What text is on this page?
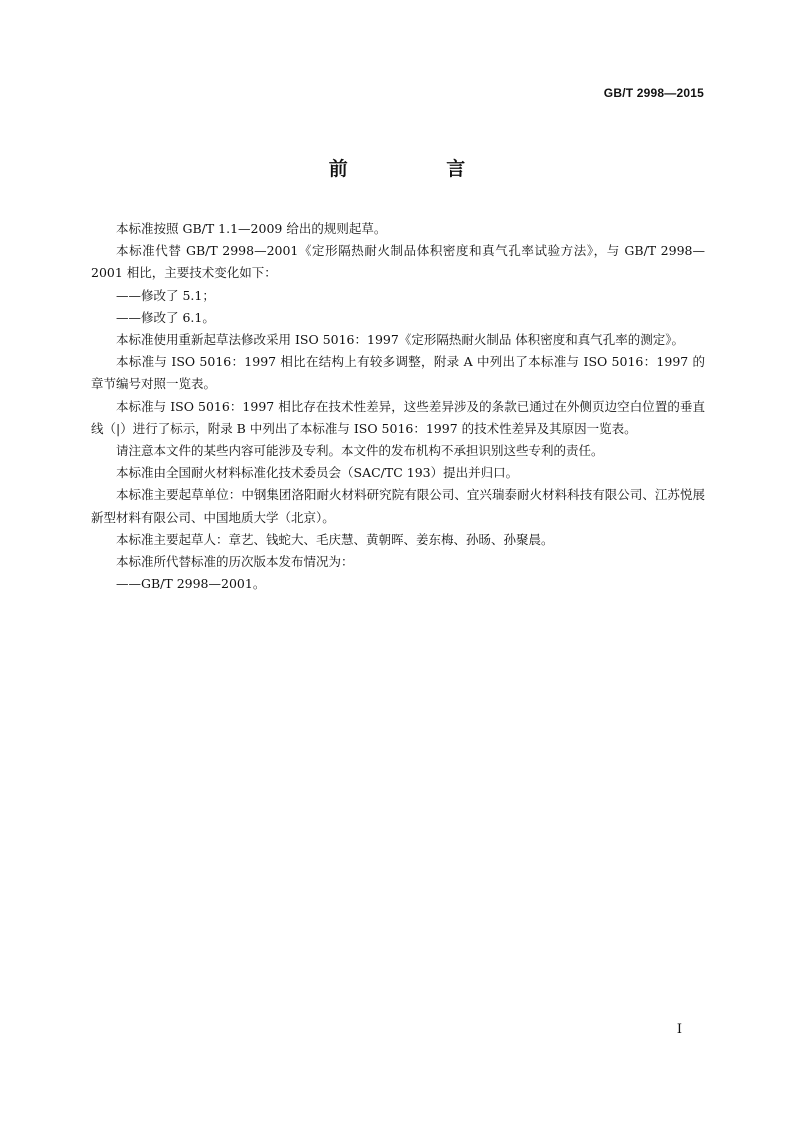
GB/T 2998—2015
前 言

本标准按照 GB/T 1.1—2009 给出的规则起草。

本标准代替 GB/T 2998—2001《定形隔热耐火制品体积密度和真气孔率试验方法》，与 GB/T 2998—2001 相比，主要技术变化如下：

——修改了 5.1；

——修改了 6.1。

本标准使用重新起草法修改采用 ISO 5016：1997《定形隔热耐火制品 体积密度和真气孔率的测定》。

本标准与 ISO 5016：1997 相比在结构上有较多调整，附录 A 中列出了本标准与 ISO 5016：1997 的章节编号对照一览表。

本标准与 ISO 5016：1997 相比存在技术性差异，这些差异涉及的条款已通过在外侧页边空白位置的垂直线（|）进行了标示，附录 B 中列出了本标准与 ISO 5016：1997 的技术性差异及其原因一览表。

请注意本文件的某些内容可能涉及专利。本文件的发布机构不承担识别这些专利的责任。

本标准由全国耐火材料标准化技术委员会（SAC/TC 193）提出并归口。

本标准主要起草单位：中钢集团洛阳耐火材料研究院有限公司、宜兴瑞泰耐火材料科技有限公司、江苏悦展新型材料有限公司、中国地质大学（北京）。

本标准主要起草人：章艺、钱蛇大、毛庆慧、黄朝晖、姜东梅、孙旸、孙聚晨。

本标准所代替标准的历次版本发布情况为：

——GB/T 2998—2001。

I
